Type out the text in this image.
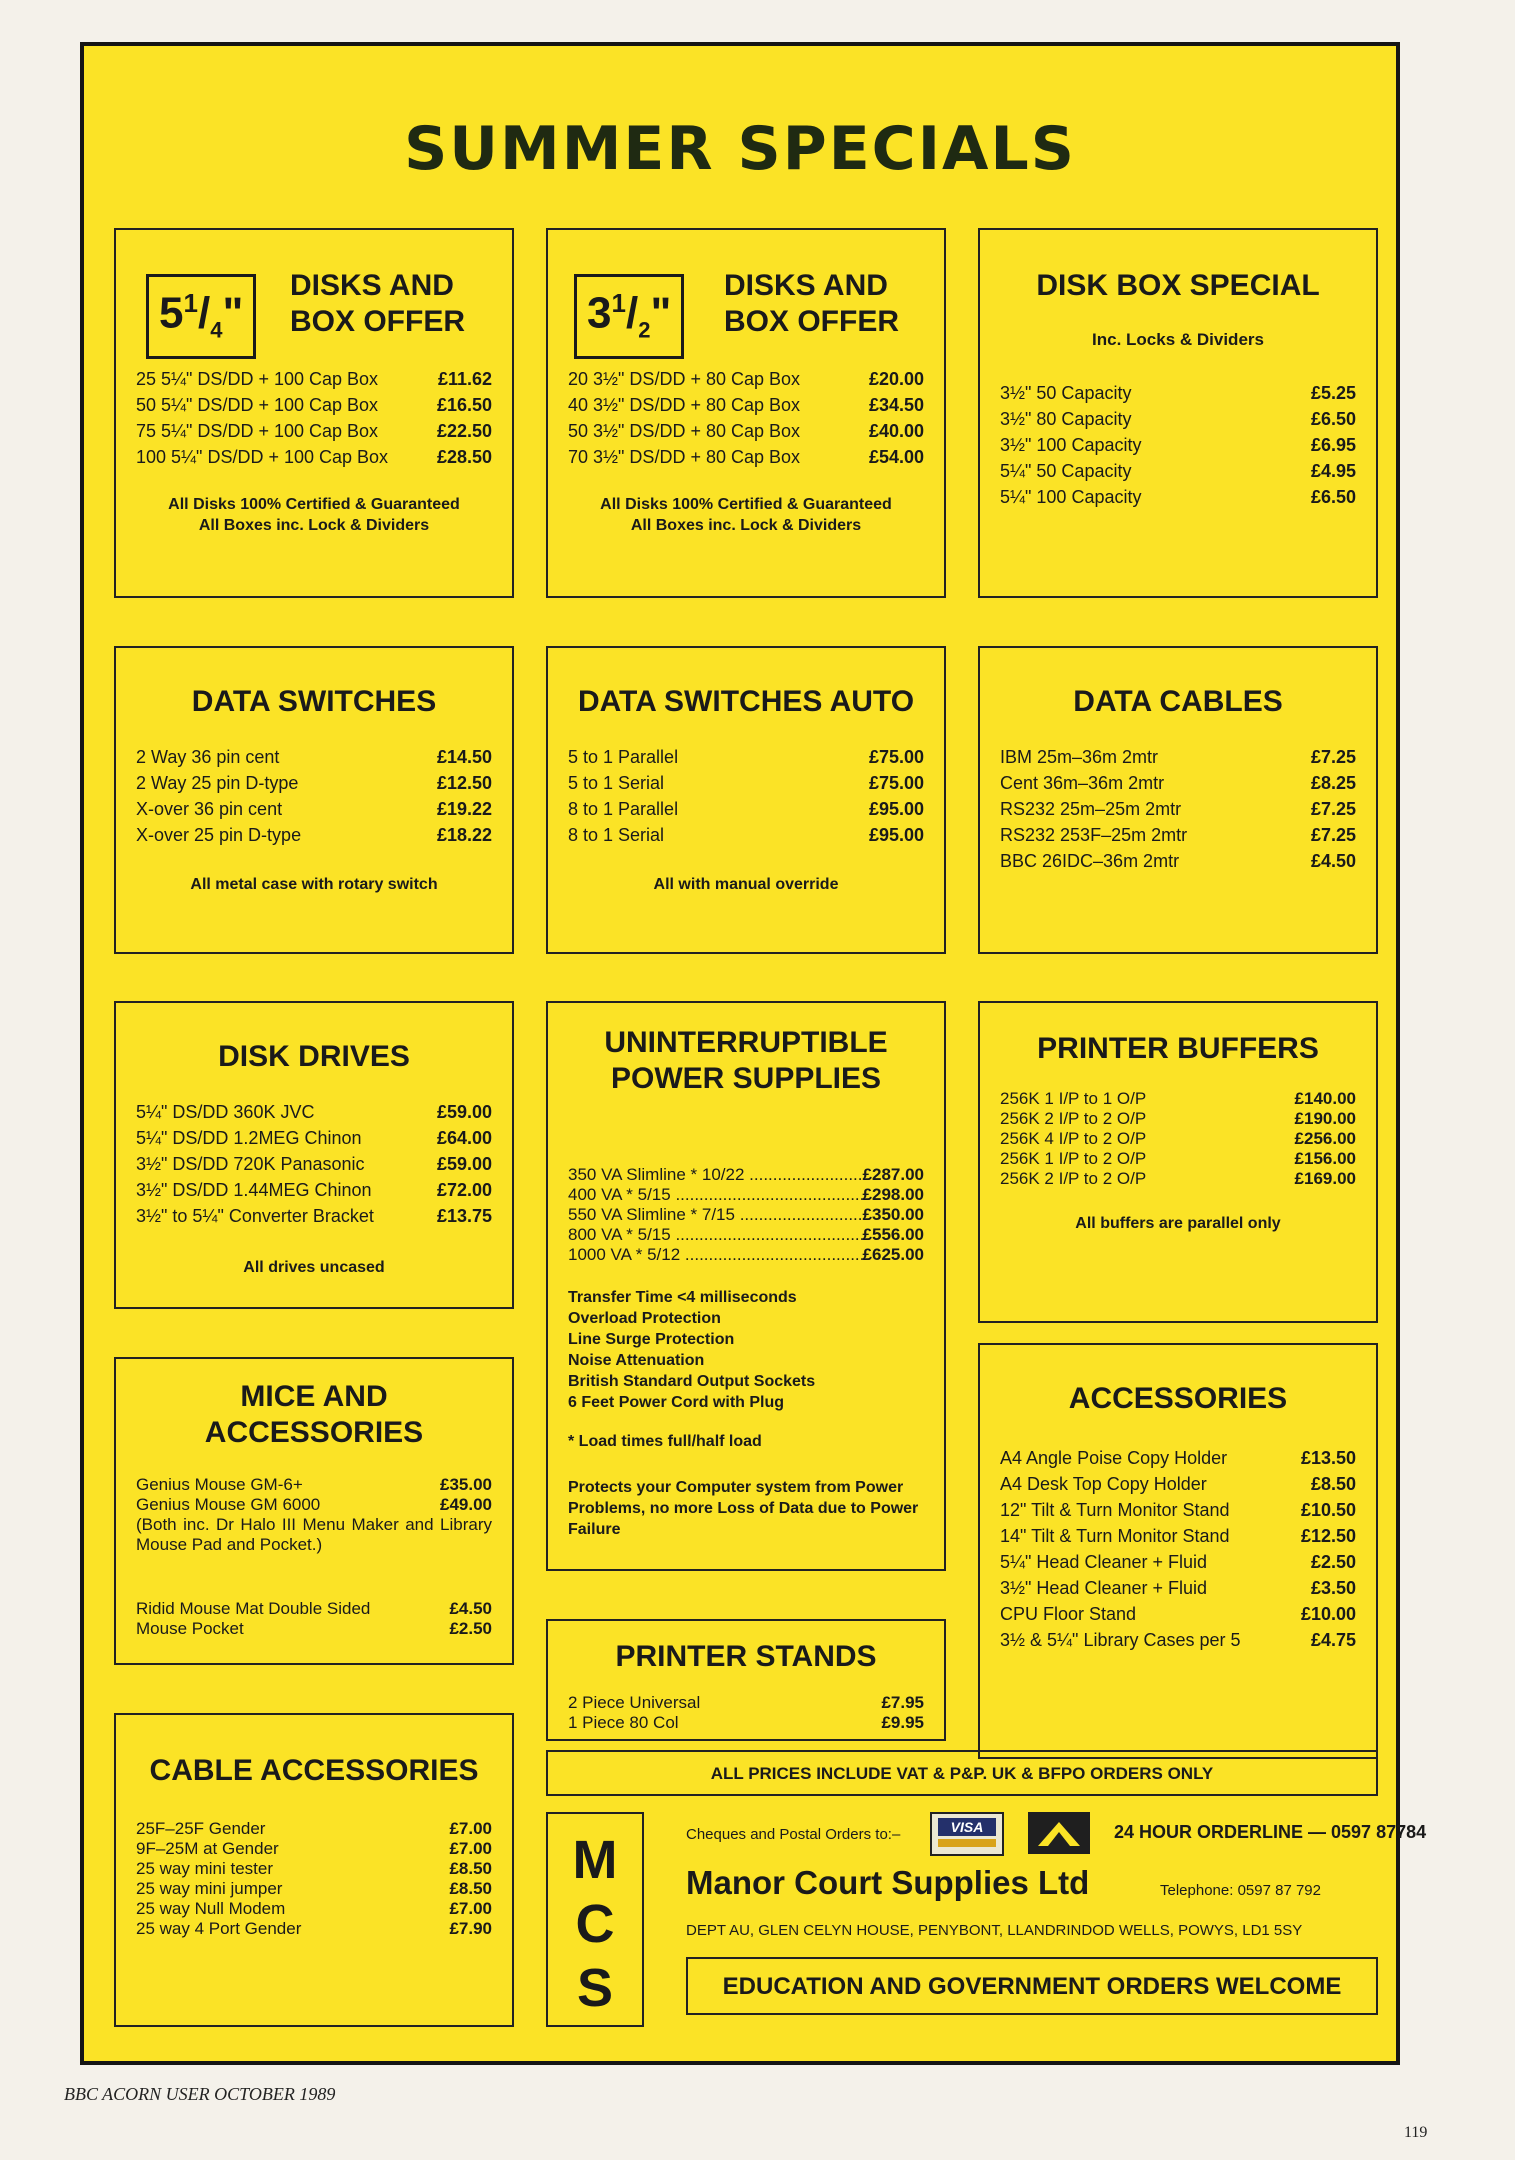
SUMMER SPECIALS
$5^1/_4$"
DISKS AND
BOX OFFER
25 5¼" DS/DD + 100 Cap Box	£11.62
50 5¼" DS/DD + 100 Cap Box	£16.50
75 5¼" DS/DD + 100 Cap Box	£22.50
100 5¼" DS/DD + 100 Cap Box	£28.50
All Disks 100% Certified & Guaranteed
All Boxes inc. Lock & Dividers
$3^1/_2$"
DISKS AND
BOX OFFER
20 3½" DS/DD + 80 Cap Box	£20.00
40 3½" DS/DD + 80 Cap Box	£34.50
50 3½" DS/DD + 80 Cap Box	£40.00
70 3½" DS/DD + 80 Cap Box	£54.00
All Disks 100% Certified & Guaranteed
All Boxes inc. Lock & Dividers
DISK BOX SPECIAL
Inc. Locks & Dividers
3½" 50 Capacity	£5.25
3½" 80 Capacity	£6.50
3½" 100 Capacity	£6.95
5¼" 50 Capacity	£4.95
5¼" 100 Capacity	£6.50
DATA SWITCHES
2 Way 36 pin cent	£14.50
2 Way 25 pin D-type	£12.50
X-over 36 pin cent	£19.22
X-over 25 pin D-type	£18.22
All metal case with rotary switch
DATA SWITCHES AUTO
5 to 1 Parallel	£75.00
5 to 1 Serial	£75.00
8 to 1 Parallel	£95.00
8 to 1 Serial	£95.00
All with manual override
DATA CABLES
IBM 25m–36m 2mtr	£7.25
Cent 36m–36m 2mtr	£8.25
RS232 25m–25m 2mtr	£7.25
RS232 253F–25m 2mtr	£7.25
BBC 26IDC–36m 2mtr	£4.50
DISK DRIVES
5¼" DS/DD 360K JVC	£59.00
5¼" DS/DD 1.2MEG Chinon	£64.00
3½" DS/DD 720K Panasonic	£59.00
3½" DS/DD 1.44MEG Chinon	£72.00
3½" to 5¼" Converter Bracket	£13.75
All drives uncased
MICE AND
ACCESSORIES
Genius Mouse GM-6+	£35.00
Genius Mouse GM 6000	£49.00
(Both inc. Dr Halo III Menu Maker and Library Mouse Pad and Pocket.)
Ridid Mouse Mat Double Sided	£4.50
Mouse Pocket	£2.50
CABLE ACCESSORIES
25F–25F Gender	£7.00
9F–25M at Gender	£7.00
25 way mini tester	£8.50
25 way mini jumper	£8.50
25 way Null Modem	£7.00
25 way 4 Port Gender	£7.90
UNINTERRUPTIBLE
POWER SUPPLIES
350 VA Slimline * 10/22 .....	£287.00
400 VA * 5/15 .....	£298.00
550 VA Slimline * 7/15 .....	£350.00
800 VA * 5/15 .....	£556.00
1000 VA * 5/12 .....	£625.00
Transfer Time <4 milliseconds
Overload Protection
Line Surge Protection
Noise Attenuation
British Standard Output Sockets
6 Feet Power Cord with Plug
* Load times full/half load
Protects your Computer system from Power Problems, no more Loss of Data due to Power Failure
PRINTER STANDS
2 Piece Universal	£7.95
1 Piece 80 Col	£9.95
PRINTER BUFFERS
256K 1 I/P to 1 O/P	£140.00
256K 2 I/P to 2 O/P	£190.00
256K 4 I/P to 2 O/P	£256.00
256K 1 I/P to 2 O/P	£156.00
256K 2 I/P to 2 O/P	£169.00
All buffers are parallel only
ACCESSORIES
A4 Angle Poise Copy Holder	£13.50
A4 Desk Top Copy Holder	£8.50
12" Tilt & Turn Monitor Stand	£10.50
14" Tilt & Turn Monitor Stand	£12.50
5¼" Head Cleaner + Fluid	£2.50
3½" Head Cleaner + Fluid	£3.50
CPU Floor Stand	£10.00
3½ & 5¼" Library Cases per 5	£4.75
ALL PRICES INCLUDE VAT & P&P. UK & BFPO ORDERS ONLY
M
C
S
Cheques and Postal Orders to:–	VISA	24 HOUR ORDERLINE — 0597 87784
Manor Court Supplies Ltd	Telephone: 0597 87 792
DEPT AU, GLEN CELYN HOUSE, PENYBONT, LLANDRINDOD WELLS, POWYS, LD1 5SY
EDUCATION AND GOVERNMENT ORDERS WELCOME
BBC ACORN USER OCTOBER 1989
119
